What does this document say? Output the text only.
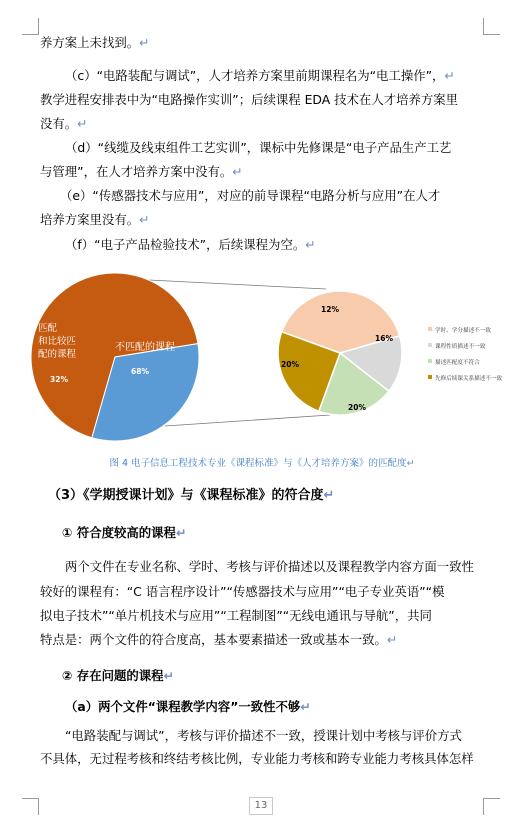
养方案上未找到。↵
（c）“电路装配与调试”，人才培养方案里前期课程名为“电工操作”，↵
教学进程安排表中为“电路操作实训”；后续课程 EDA 技术在人才培养方案里
没有。↵
（d）“线缆及线束组件工艺实训”，课标中先修课是“电子产品生产工艺
与管理”，在人才培养方案中没有。↵
（e）“传感器技术与应用”，对应的前导课程“电路分析与应用”在人才
培养方案里没有。↵
（f）“电子产品检验技术”，后续课程为空。↵
不匹配的课程
68%
匹配
和比较匹
配的课程
32%
12%
16%
20%
20%
学时、学分描述不一致
课程性质描述不一致
描述匹配度不符合
先修后续课关系描述不一致
图 4 电子信息工程技术专业《课程标准》与《人才培养方案》的匹配度↵
（3）《学期授课计划》与《课程标准》的符合度↵
① 符合度较高的课程↵
两个文件在专业名称、学时、考核与评价描述以及课程教学内容方面一致性
较好的课程有：“C 语言程序设计”“传感器技术与应用”“电子专业英语”“模
拟电子技术”“单片机技术与应用”“工程制图”“无线电通讯与导航”，共同
特点是：两个文件的符合度高，基本要素描述一致或基本一致。↵
② 存在问题的课程↵
（a）两个文件“课程教学内容”一致性不够↵
“电路装配与调试”，考核与评价描述不一致，授课计划中考核与评价方式
不具体，无过程考核和终结考核比例，专业能力考核和跨专业能力考核具体怎样
13
